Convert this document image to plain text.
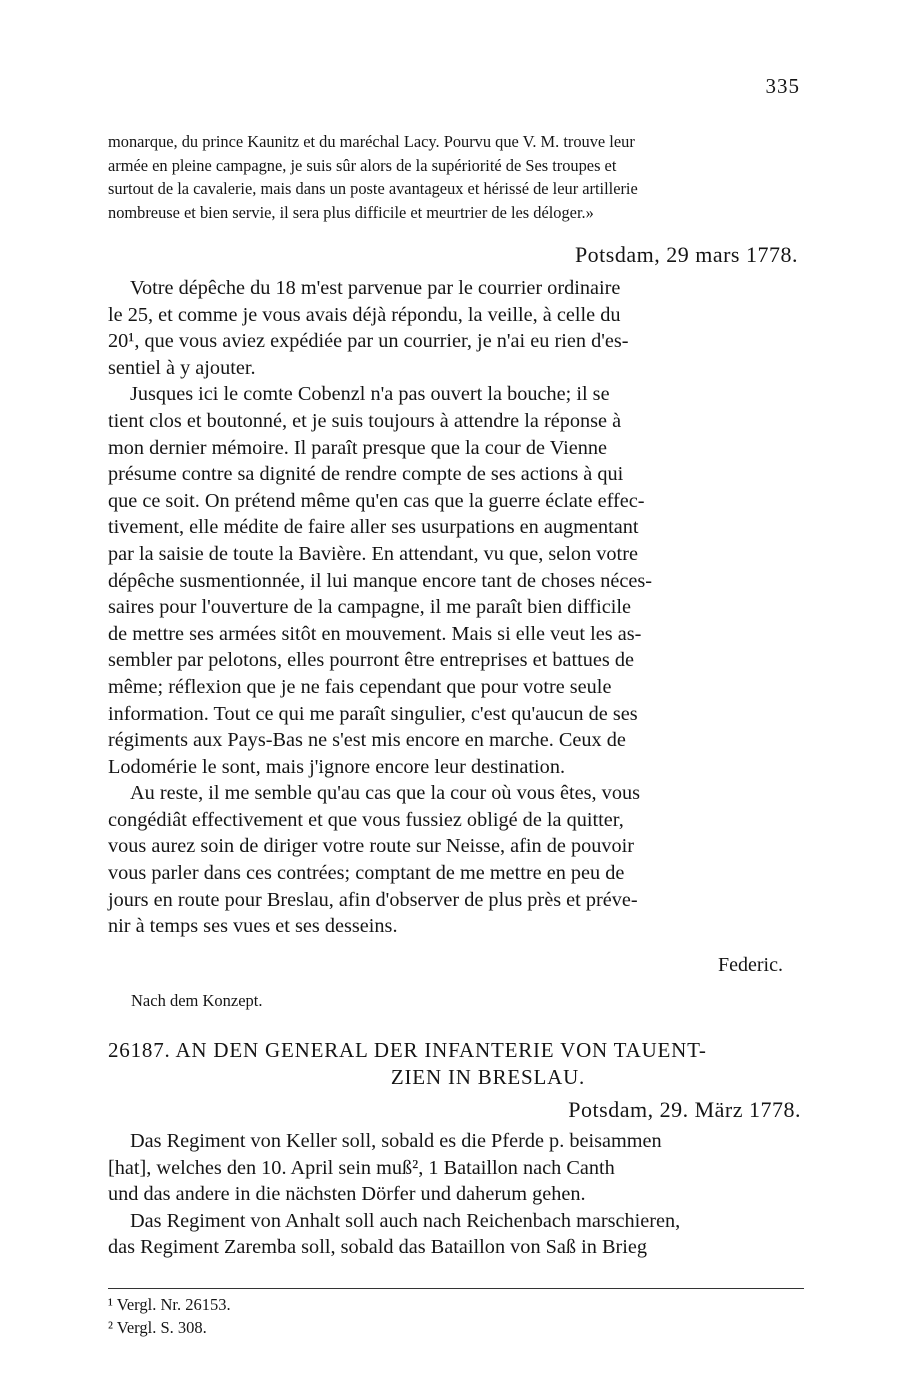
335
monarque, du prince Kaunitz et du maréchal Lacy. Pourvu que V. M. trouve leur
armée en pleine campagne, je suis sûr alors de la supériorité de Ses troupes et
surtout de la cavalerie, mais dans un poste avantageux et hérissé de leur artillerie
nombreuse et bien servie, il sera plus difficile et meurtrier de les déloger.»
Potsdam, 29 mars 1778.
Votre dépêche du 18 m'est parvenue par le courrier ordinaire
le 25, et comme je vous avais déjà répondu, la veille, à celle du
20¹, que vous aviez expédiée par un courrier, je n'ai eu rien d'es-
sentiel à y ajouter.
Jusques ici le comte Cobenzl n'a pas ouvert la bouche; il se
tient clos et boutonné, et je suis toujours à attendre la réponse à
mon dernier mémoire. Il paraît presque que la cour de Vienne
présume contre sa dignité de rendre compte de ses actions à qui
que ce soit. On prétend même qu'en cas que la guerre éclate effec-
tivement, elle médite de faire aller ses usurpations en augmentant
par la saisie de toute la Bavière. En attendant, vu que, selon votre
dépêche susmentionnée, il lui manque encore tant de choses néces-
saires pour l'ouverture de la campagne, il me paraît bien difficile
de mettre ses armées sitôt en mouvement. Mais si elle veut les as-
sembler par pelotons, elles pourront être entreprises et battues de
même; réflexion que je ne fais cependant que pour votre seule
information. Tout ce qui me paraît singulier, c'est qu'aucun de ses
régiments aux Pays-Bas ne s'est mis encore en marche. Ceux de
Lodomérie le sont, mais j'ignore encore leur destination.
Au reste, il me semble qu'au cas que la cour où vous êtes, vous
congédiât effectivement et que vous fussiez obligé de la quitter,
vous aurez soin de diriger votre route sur Neisse, afin de pouvoir
vous parler dans ces contrées; comptant de me mettre en peu de
jours en route pour Breslau, afin d'observer de plus près et préve-
nir à temps ses vues et ses desseins.
Federic.
Nach dem Konzept.
26187. AN DEN GENERAL DER INFANTERIE VON TAUENT-
ZIEN IN BRESLAU.
Potsdam, 29. März 1778.
Das Regiment von Keller soll, sobald es die Pferde p. beisammen
[hat], welches den 10. April sein muß², 1 Bataillon nach Canth
und das andere in die nächsten Dörfer und daherum gehen.
Das Regiment von Anhalt soll auch nach Reichenbach marschieren,
das Regiment Zaremba soll, sobald das Bataillon von Saß in Brieg
¹ Vergl. Nr. 26153.
² Vergl. S. 308.
